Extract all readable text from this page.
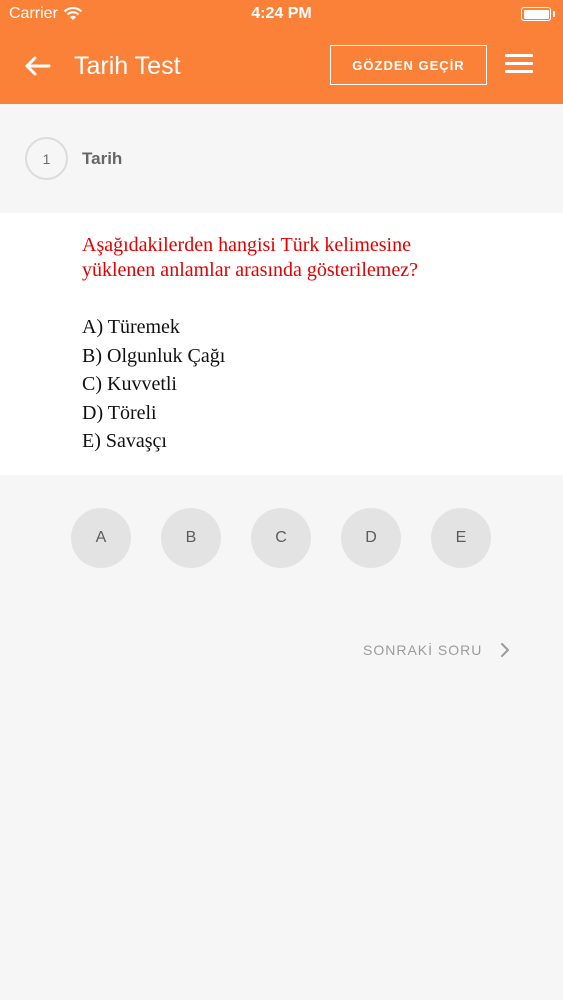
Carrier	4:24 PM
Tarih Test	GÖZDEN GEÇİR
1	Tarih
Aşağıdakilerden hangisi Türk kelimesine yüklenen anlamlar arasında gösterilemez?
A) Türemek
B) Olgunluk Çağı
C) Kuvvetli
D) Töreli
E) Savaşçı
A	B	C	D	E
SONRAKİ SORU
